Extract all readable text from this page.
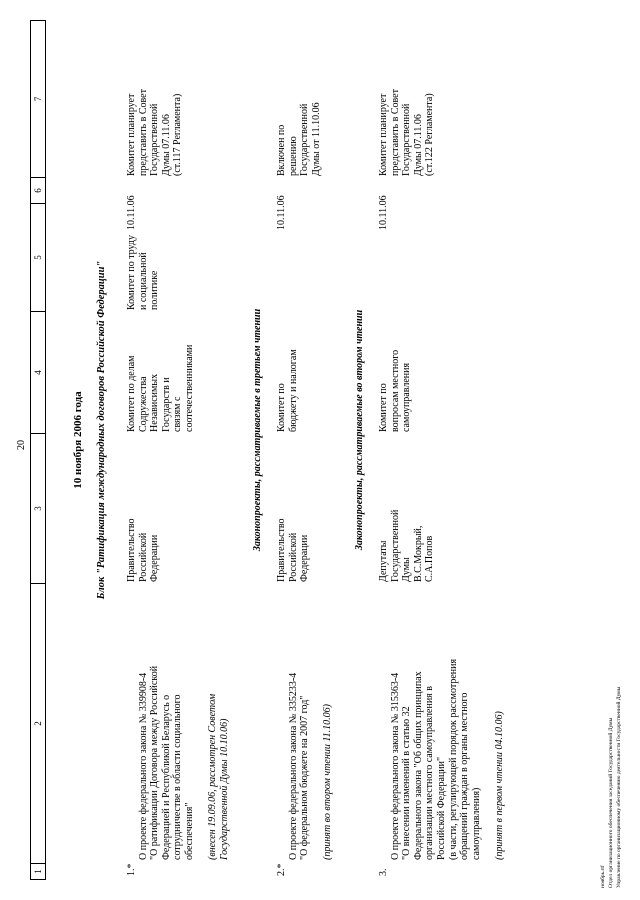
20
1
2
3
4
5
6
7
10 ноября 2006 года Блок "Ратификация международных договоров Российской Федерации"
1.*

О проекте федерального закона № 339908-4
"О ратификации Договора между Российской
Федерацией и Республикой Беларусь о
сотрудничестве в области социального
обеспечения" (внесен 19.09.06, рассмотрен Советом
Государственной Думы 10.10.06)

Правительство
Российской
Федерации
Комитет по делам
Содружества
Независимых
Государств и
связям с соотечественниками
Комитет по труду
и социальной
политике
10.11.06
Комитет планирует
представить в Совет
Государственной
Думы 07.11.06
(ст.117 Регламента)
Законопроекты, рассматриваемые в третьем чтении
2.*

О проекте федерального закона № 335233-4
"О федеральном бюджете на 2007 год" (принят во втором чтении 11.10.06)

Правительство
Российской
Федерации
Комитет по
бюджету и налогам
10.11.06
Включен по
решению
Государственной
Думы от 11.10.06
Законопроекты, рассматриваемые во втором чтении
3.

О проекте федерального закона № 315363-4
"О внесении изменений в статью 32
Федерального закона "Об общих принципах
организации местного самоуправления в
Российской Федерации"
(в части, регулирующей порядок рассмотрения
обращений граждан в органы местного
самоуправления) (принят в первом чтении 04.10.06)

Депутаты
Государственной
Думы
В.С.Мокрый,
С.А.Попов
Комитет по
вопросам местного
самоуправления
10.11.06
Комитет планирует
представить в Совет
Государственной
Думы 07.11.06
(ст.122 Регламента)
ноябрь.rtf Отдел организационного обеспечения заседаний Государственной Думы Управление по организационному обеспечению деятельности Государственной Думы
